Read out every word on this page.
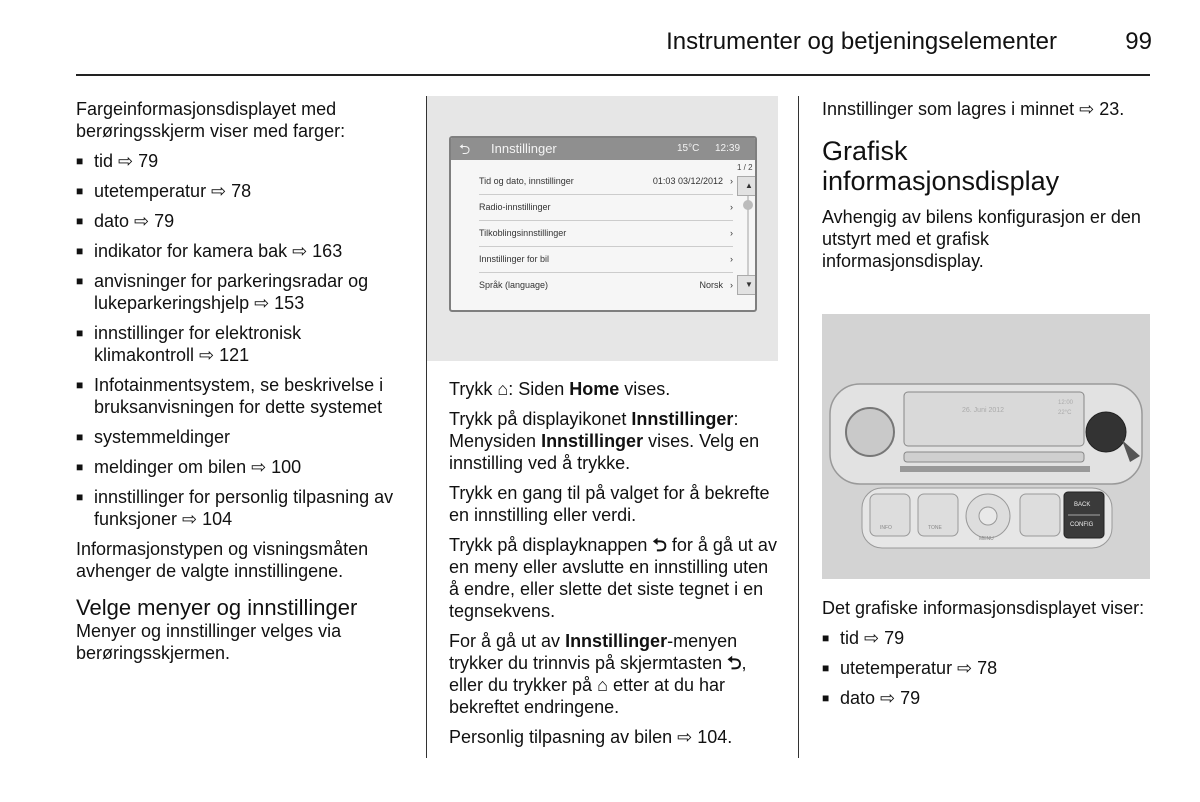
Instrumenter og betjeningselementer	99

Fargeinformasjonsdisplayet med berøringsskjerm viser med farger:

■ tid ⇨ 79
■ utetemperatur ⇨ 78
■ dato ⇨ 79
■ indikator for kamera bak ⇨ 163
■ anvisninger for parkeringsradar og lukeparkeringshjelp ⇨ 153
■ innstillinger for elektronisk klimakontroll ⇨ 121
■ Infotainmentsystem, se beskrivelse i bruksanvisningen for dette systemet
■ systemmeldinger
■ meldinger om bilen ⇨ 100
■ innstillinger for personlig tilpasning av funksjoner ⇨ 104

Informasjonstypen og visningsmåten avhenger de valgte innstillingene.

Velge menyer og innstillinger

Menyer og innstillinger velges via berøringsskjermen.

⮌ Innstillinger	15°C 12:39
Tid og dato, innstillinger	01:03 03/12/2012 ›
Radio-innstillinger	›
Tilkoblingsinnstillinger	›
Innstillinger for bil	›
Språk (language)	Norsk ›
1 / 2
▲
▼

Trykk ⌂: Siden Home vises.

Trykk på displayikonet Innstillinger: Menysiden Innstillinger vises. Velg en innstilling ved å trykke.

Trykk en gang til på valget for å bekrefte en innstilling eller verdi.

Trykk på displayknappen ⮌ for å gå ut av en meny eller avslutte en innstilling uten å endre, eller slette det siste tegnet i en tegnsekvens.

For å gå ut av Innstillinger-menyen trykker du trinnvis på skjermtasten ⮌, eller du trykker på ⌂ etter at du har bekreftet endringene.

Personlig tilpasning av bilen ⇨ 104.

Innstillinger som lagres i minnet ⇨ 23.

Grafisk informasjonsdisplay

Avhengig av bilens konfigurasjon er den utstyrt med et grafisk informasjonsdisplay.

26. Juni 2012
12:00
22°C
INFO	TONE
MENU
BACK
CONFIG

Det grafiske informasjonsdisplayet viser:

■ tid ⇨ 79
■ utetemperatur ⇨ 78
■ dato ⇨ 79
